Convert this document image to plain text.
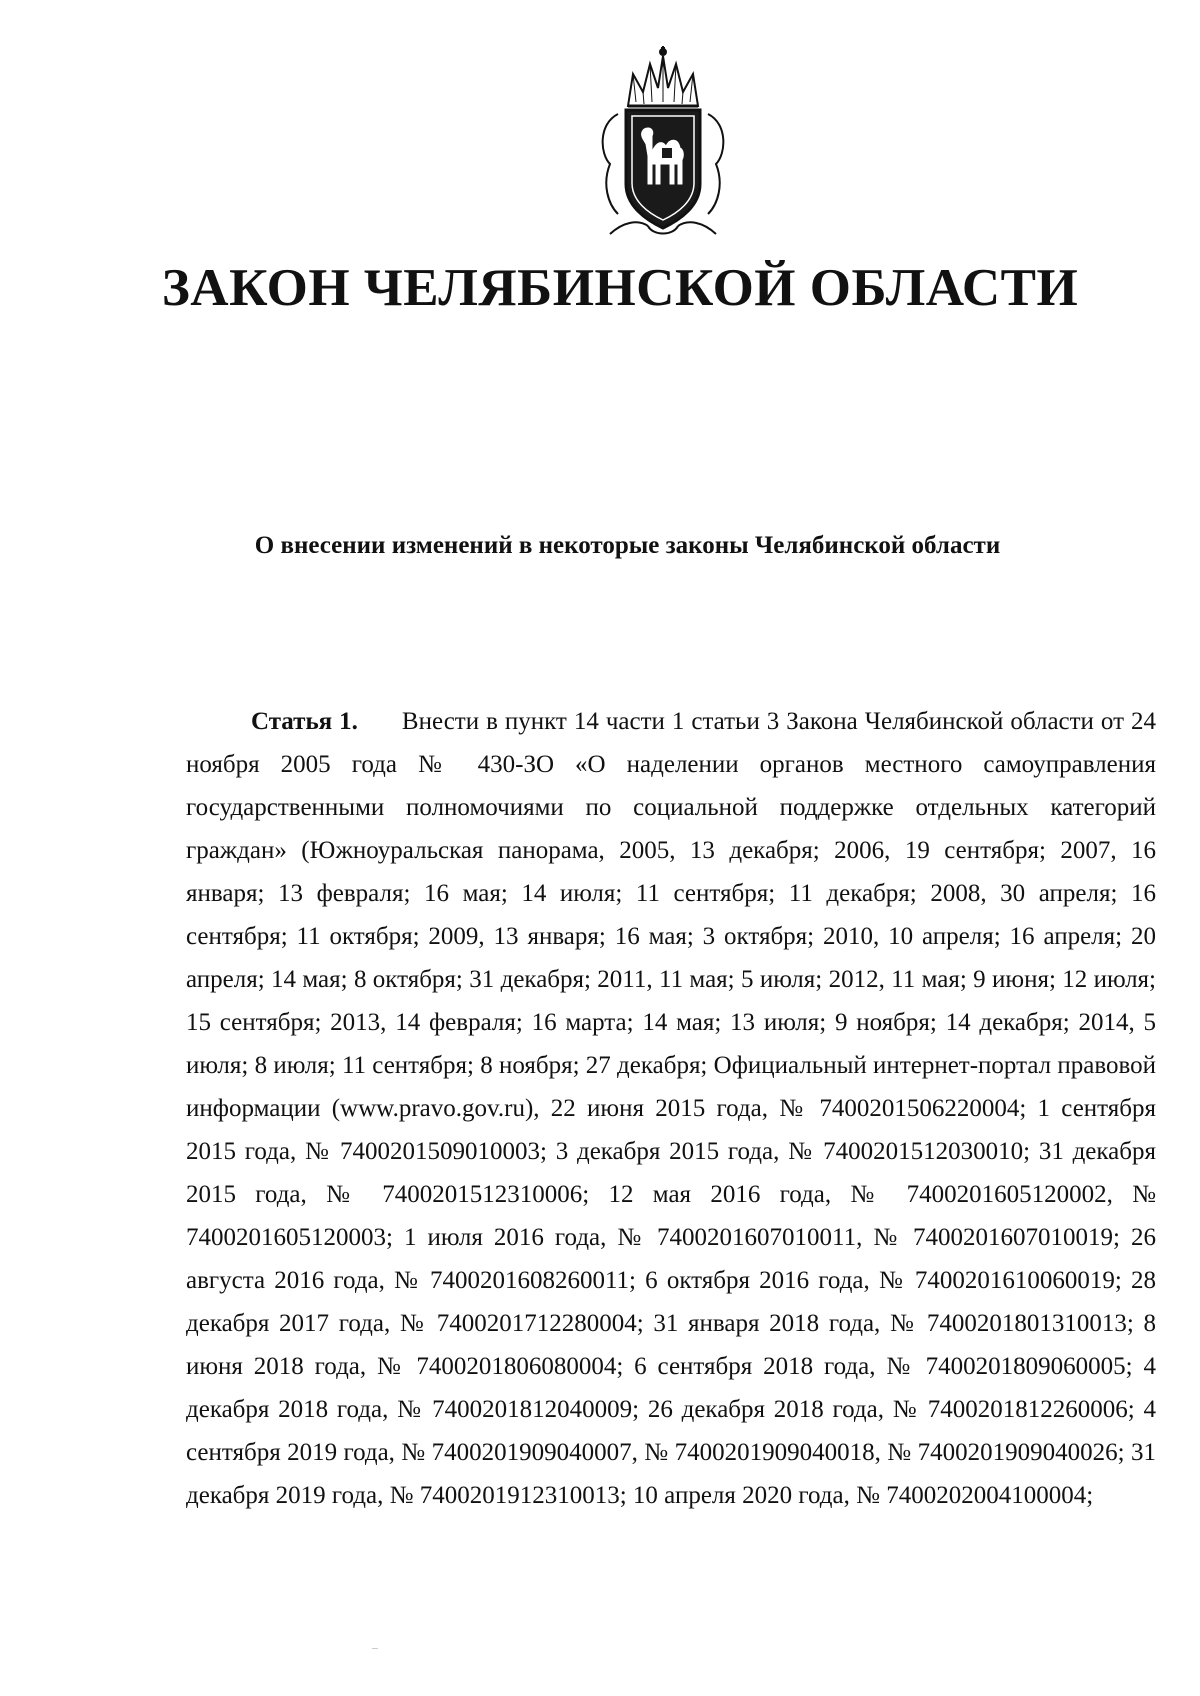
ЗАКОН ЧЕЛЯБИНСКОЙ ОБЛАСТИ
О внесении изменений в некоторые законы Челябинской области

Статья 1. Внести в пункт 14 части 1 статьи 3 Закона Челябинской области от 24 ноября 2005 года № 430-ЗО «О наделении органов местного самоуправления государственными полномочиями по социальной поддержке отдельных категорий граждан» (Южноуральская панорама, 2005, 13 декабря; 2006, 19 сентября; 2007, 16 января; 13 февраля; 16 мая; 14 июля; 11 сентября; 11 декабря; 2008, 30 апреля; 16 сентября; 11 октября; 2009, 13 января; 16 мая; 3 октября; 2010, 10 апреля; 16 апреля; 20 апреля; 14 мая; 8 октября; 31 декабря; 2011, 11 мая; 5 июля; 2012, 11 мая; 9 июня; 12 июля; 15 сентября; 2013, 14 февраля; 16 марта; 14 мая; 13 июля; 9 ноября; 14 декабря; 2014, 5 июля; 8 июля; 11 сентября; 8 ноября; 27 декабря; Официальный интернет-портал правовой информации (www.pravo.gov.ru), 22 июня 2015 года, № 7400201506220004; 1 сентября 2015 года, № 7400201509010003; 3 декабря 2015 года, № 7400201512030010; 31 декабря 2015 года, № 7400201512310006; 12 мая 2016 года, № 7400201605120002, № 7400201605120003; 1 июля 2016 года, № 7400201607010011, № 7400201607010019; 26 августа 2016 года, № 7400201608260011; 6 октября 2016 года, № 7400201610060019; 28 декабря 2017 года, № 7400201712280004; 31 января 2018 года, № 7400201801310013; 8 июня 2018 года, № 7400201806080004; 6 сентября 2018 года, № 7400201809060005; 4 декабря 2018 года, № 7400201812040009; 26 декабря 2018 года, № 7400201812260006; 4 сентября 2019 года, № 7400201909040007, № 7400201909040018, № 7400201909040026; 31 декабря 2019 года, № 7400201912310013; 10 апреля 2020 года, № 7400202004100004;
